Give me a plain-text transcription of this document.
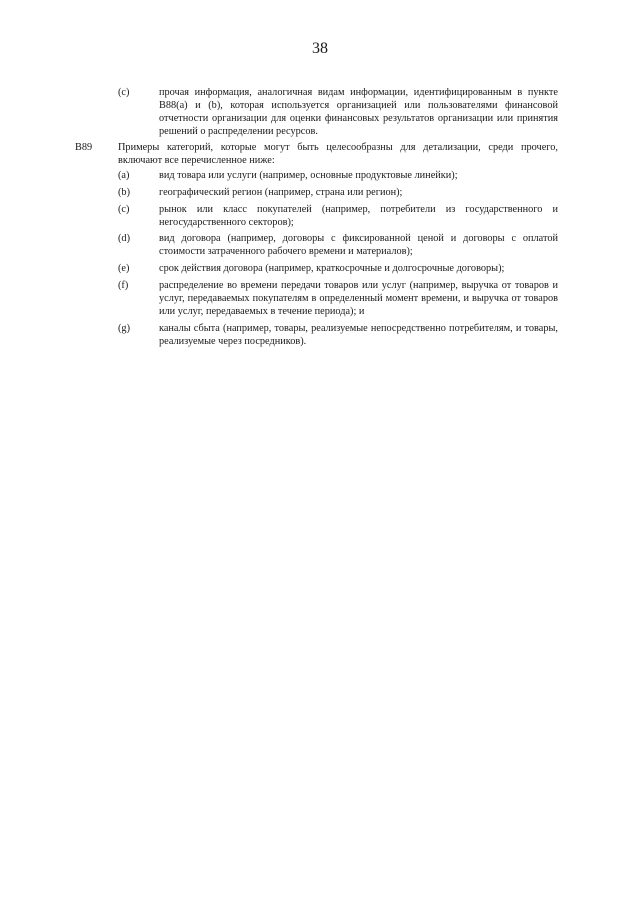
38
(c)	прочая информация, аналогичная видам информации, идентифицированным в пункте B88(a) и (b), которая используется организацией или пользователями финансовой отчетности организации для оценки финансовых результатов организации или принятия решений о распределении ресурсов.
B89	Примеры категорий, которые могут быть целесообразны для детализации, среди прочего, включают все перечисленное ниже:
(a)	вид товара или услуги (например, основные продуктовые линейки);
(b)	географический регион (например, страна или регион);
(c)	рынок или класс покупателей (например, потребители из государственного и негосударственного секторов);
(d)	вид договора (например, договоры с фиксированной ценой и договоры с оплатой стоимости затраченного рабочего времени и материалов);
(e)	срок действия договора (например, краткосрочные и долгосрочные договоры);
(f)	распределение во времени передачи товаров или услуг (например, выручка от товаров и услуг, передаваемых покупателям в определенный момент времени, и выручка от товаров или услуг, передаваемых в течение периода); и
(g)	каналы сбыта (например, товары, реализуемые непосредственно потребителям, и товары, реализуемые через посредников).
